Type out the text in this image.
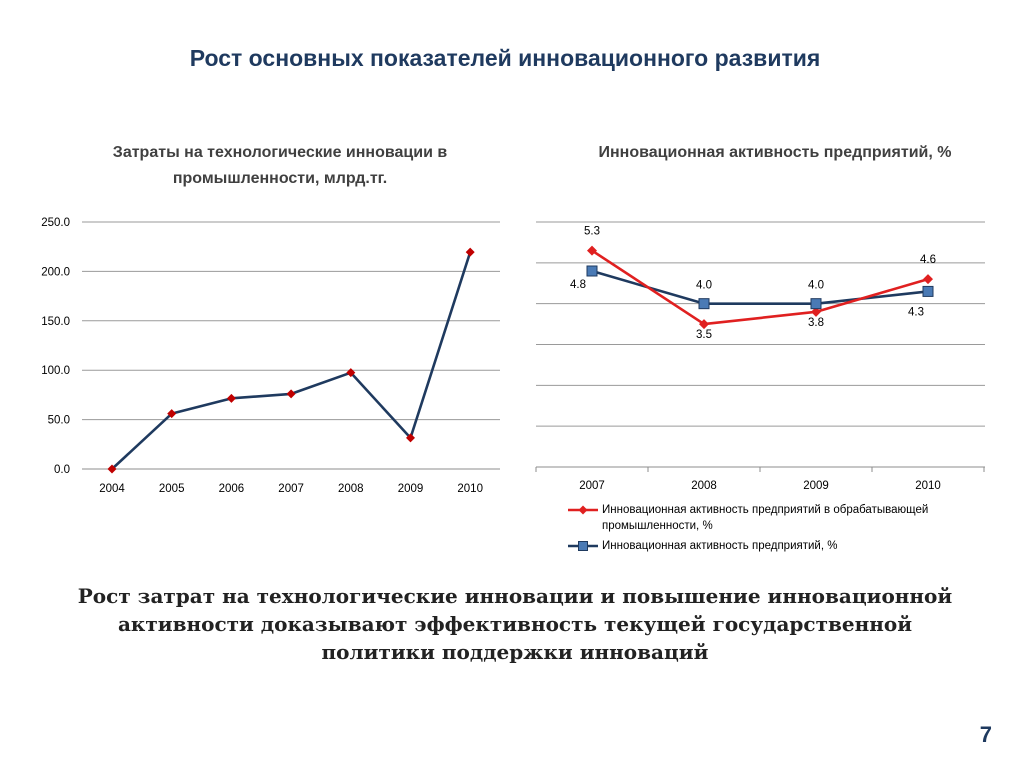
Рост основных показателей инновационного развития
Затраты на технологические инновации в промышленности, млрд.тг.
Инновационная активность предприятий, %
0.0
50.0
100.0
150.0
200.0
250.0
2004	2005	2006	2007	2008	2009	2010	2007	2008	2009	2010
5.3
3.5
3.8
4.6
4.8	4.0	4.0
4.3
Инновационная активность предприятий в обрабатывающей промышленности, %
Инновационная активность предприятий, %
Рост затрат на технологические инновации и повышение инновационной активности доказывают эффективность текущей государственной политики поддержки инноваций
7
